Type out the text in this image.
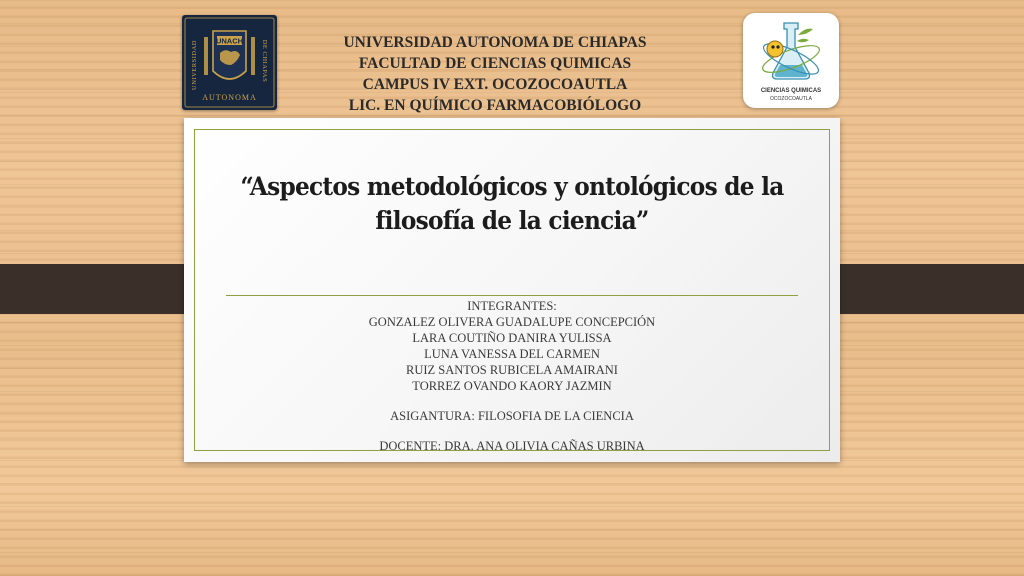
UNACH
UNIVERSIDAD	DE CHIAPAS
AUTONOMA
UNIVERSIDAD AUTONOMA DE CHIAPAS
FACULTAD DE CIENCIAS QUIMICAS
CAMPUS IV EXT. OCOZOCOAUTLA
LIC. EN QUÍMICO FARMACOBIÓLOGO
CIENCIAS QUIMICAS
OCOZOCOAUTLA
“Aspectos metodológicos y ontológicos de la
filosofía de la ciencia”
INTEGRANTES:
GONZALEZ OLIVERA GUADALUPE CONCEPCIÓN
LARA COUTIÑO DANIRA YULISSA
LUNA VANESSA DEL CARMEN
RUIZ SANTOS RUBICELA AMAIRANI
TORREZ OVANDO KAORY JAZMIN
ASIGANTURA: FILOSOFIA DE LA CIENCIA
DOCENTE: DRA. ANA OLIVIA CAÑAS URBINA
